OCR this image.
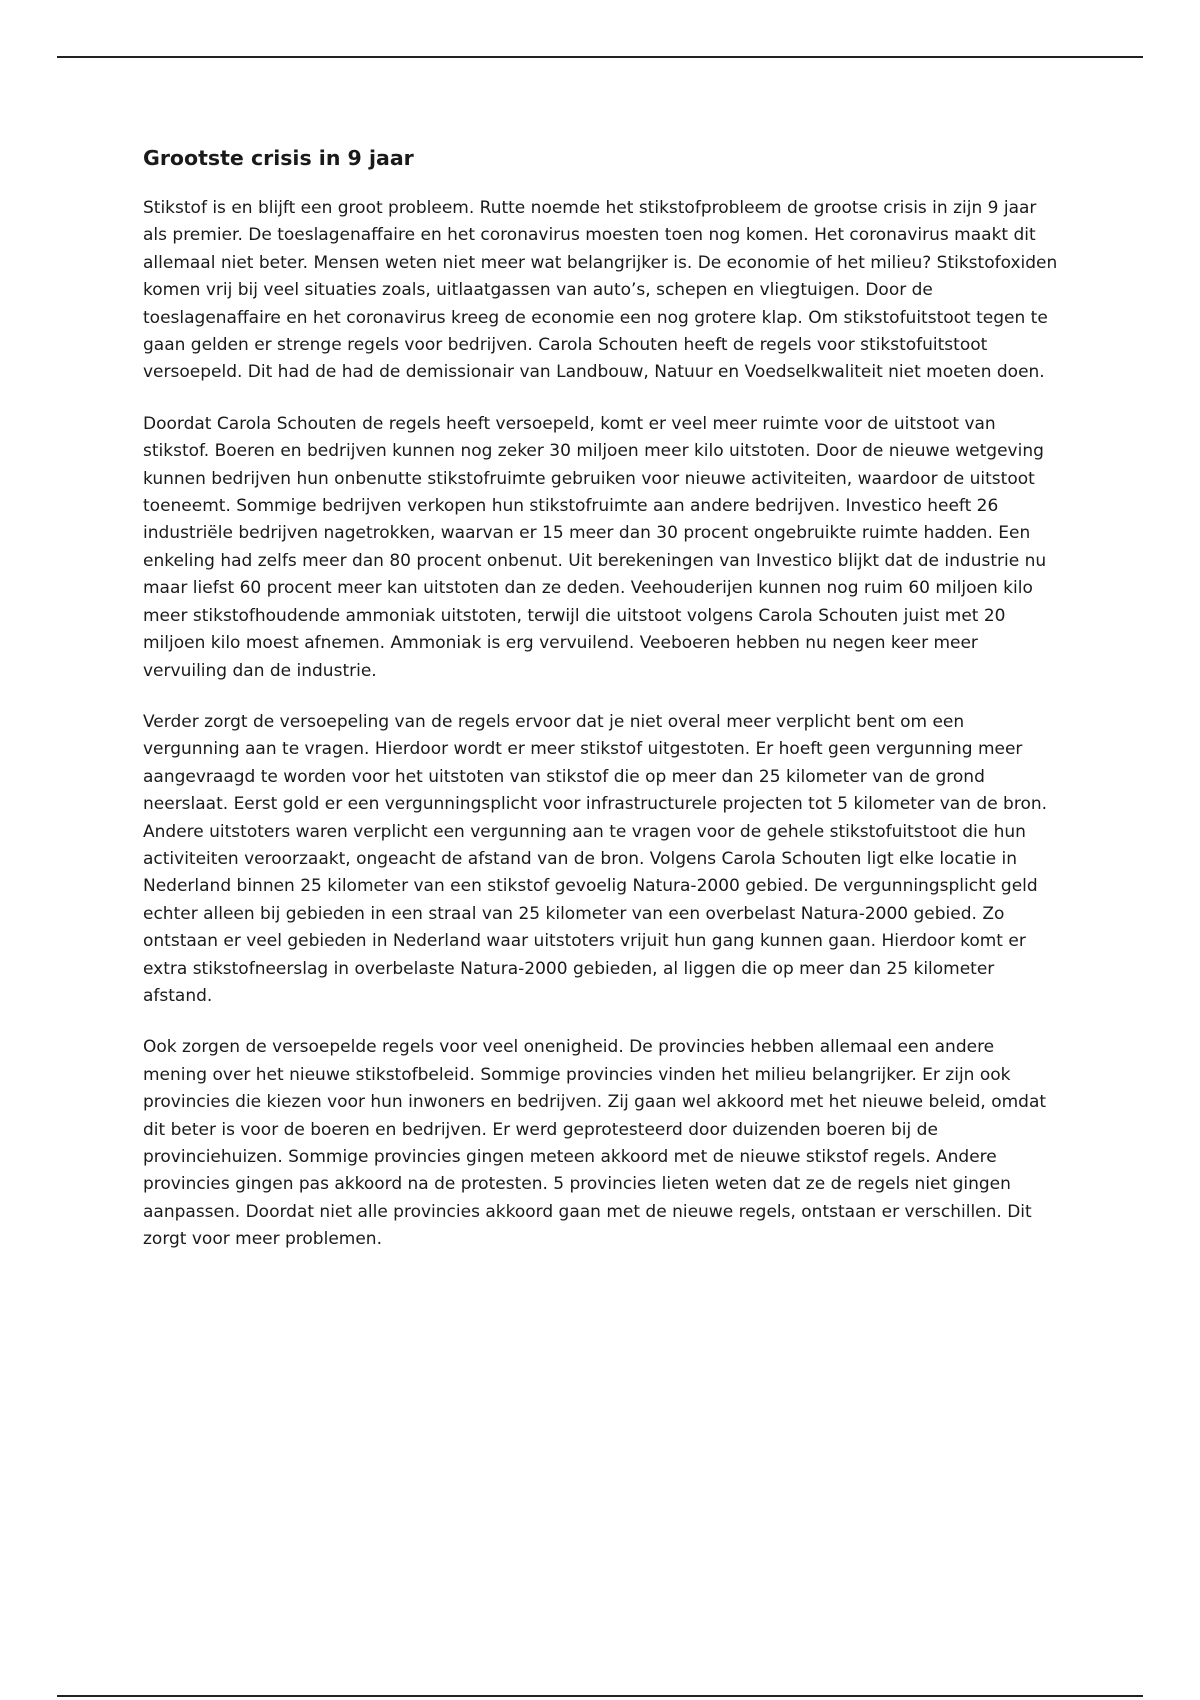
Grootste crisis in 9 jaar

Stikstof is en blijft een groot probleem. Rutte noemde het stikstofprobleem de grootse crisis in zijn 9 jaar als premier. De toeslagenaffaire en het coronavirus moesten toen nog komen. Het coronavirus maakt dit allemaal niet beter. Mensen weten niet meer wat belangrijker is. De economie of het milieu? Stikstofoxiden komen vrij bij veel situaties zoals, uitlaatgassen van auto’s, schepen en vliegtuigen. Door de toeslagenaffaire en het coronavirus kreeg de economie een nog grotere klap. Om stikstofuitstoot tegen te gaan gelden er strenge regels voor bedrijven. Carola Schouten heeft de regels voor stikstofuitstoot versoepeld. Dit had de had de demissionair van Landbouw, Natuur en Voedselkwaliteit niet moeten doen.

Doordat Carola Schouten de regels heeft versoepeld, komt er veel meer ruimte voor de uitstoot van stikstof. Boeren en bedrijven kunnen nog zeker 30 miljoen meer kilo uitstoten. Door de nieuwe wetgeving kunnen bedrijven hun onbenutte stikstofruimte gebruiken voor nieuwe activiteiten, waardoor de uitstoot toeneemt. Sommige bedrijven verkopen hun stikstofruimte aan andere bedrijven. Investico heeft 26 industriële bedrijven nagetrokken, waarvan er 15 meer dan 30 procent ongebruikte ruimte hadden. Een enkeling had zelfs meer dan 80 procent onbenut. Uit berekeningen van Investico blijkt dat de industrie nu maar liefst 60 procent meer kan uitstoten dan ze deden. Veehouderijen kunnen nog ruim 60 miljoen kilo meer stikstofhoudende ammoniak uitstoten, terwijl die uitstoot volgens Carola Schouten juist met 20 miljoen kilo moest afnemen. Ammoniak is erg vervuilend. Veeboeren hebben nu negen keer meer vervuiling dan de industrie.

Verder zorgt de versoepeling van de regels ervoor dat je niet overal meer verplicht bent om een vergunning aan te vragen. Hierdoor wordt er meer stikstof uitgestoten. Er hoeft geen vergunning meer aangevraagd te worden voor het uitstoten van stikstof die op meer dan 25 kilometer van de grond neerslaat. Eerst gold er een vergunningsplicht voor infrastructurele projecten tot 5 kilometer van de bron. Andere uitstoters waren verplicht een vergunning aan te vragen voor de gehele stikstofuitstoot die hun activiteiten veroorzaakt, ongeacht de afstand van de bron. Volgens Carola Schouten ligt elke locatie in Nederland binnen 25 kilometer van een stikstof gevoelig Natura-2000 gebied. De vergunningsplicht geld echter alleen bij gebieden in een straal van 25 kilometer van een overbelast Natura-2000 gebied. Zo ontstaan er veel gebieden in Nederland waar uitstoters vrijuit hun gang kunnen gaan. Hierdoor komt er extra stikstofneerslag in overbelaste Natura-2000 gebieden, al liggen die op meer dan 25 kilometer afstand.

Ook zorgen de versoepelde regels voor veel onenigheid. De provincies hebben allemaal een andere mening over het nieuwe stikstofbeleid. Sommige provincies vinden het milieu belangrijker. Er zijn ook provincies die kiezen voor hun inwoners en bedrijven. Zij gaan wel akkoord met het nieuwe beleid, omdat dit beter is voor de boeren en bedrijven. Er werd geprotesteerd door duizenden boeren bij de provinciehuizen. Sommige provincies gingen meteen akkoord met de nieuwe stikstof regels. Andere provincies gingen pas akkoord na de protesten. 5 provincies lieten weten dat ze de regels niet gingen aanpassen. Doordat niet alle provincies akkoord gaan met de nieuwe regels, ontstaan er verschillen. Dit zorgt voor meer problemen.
